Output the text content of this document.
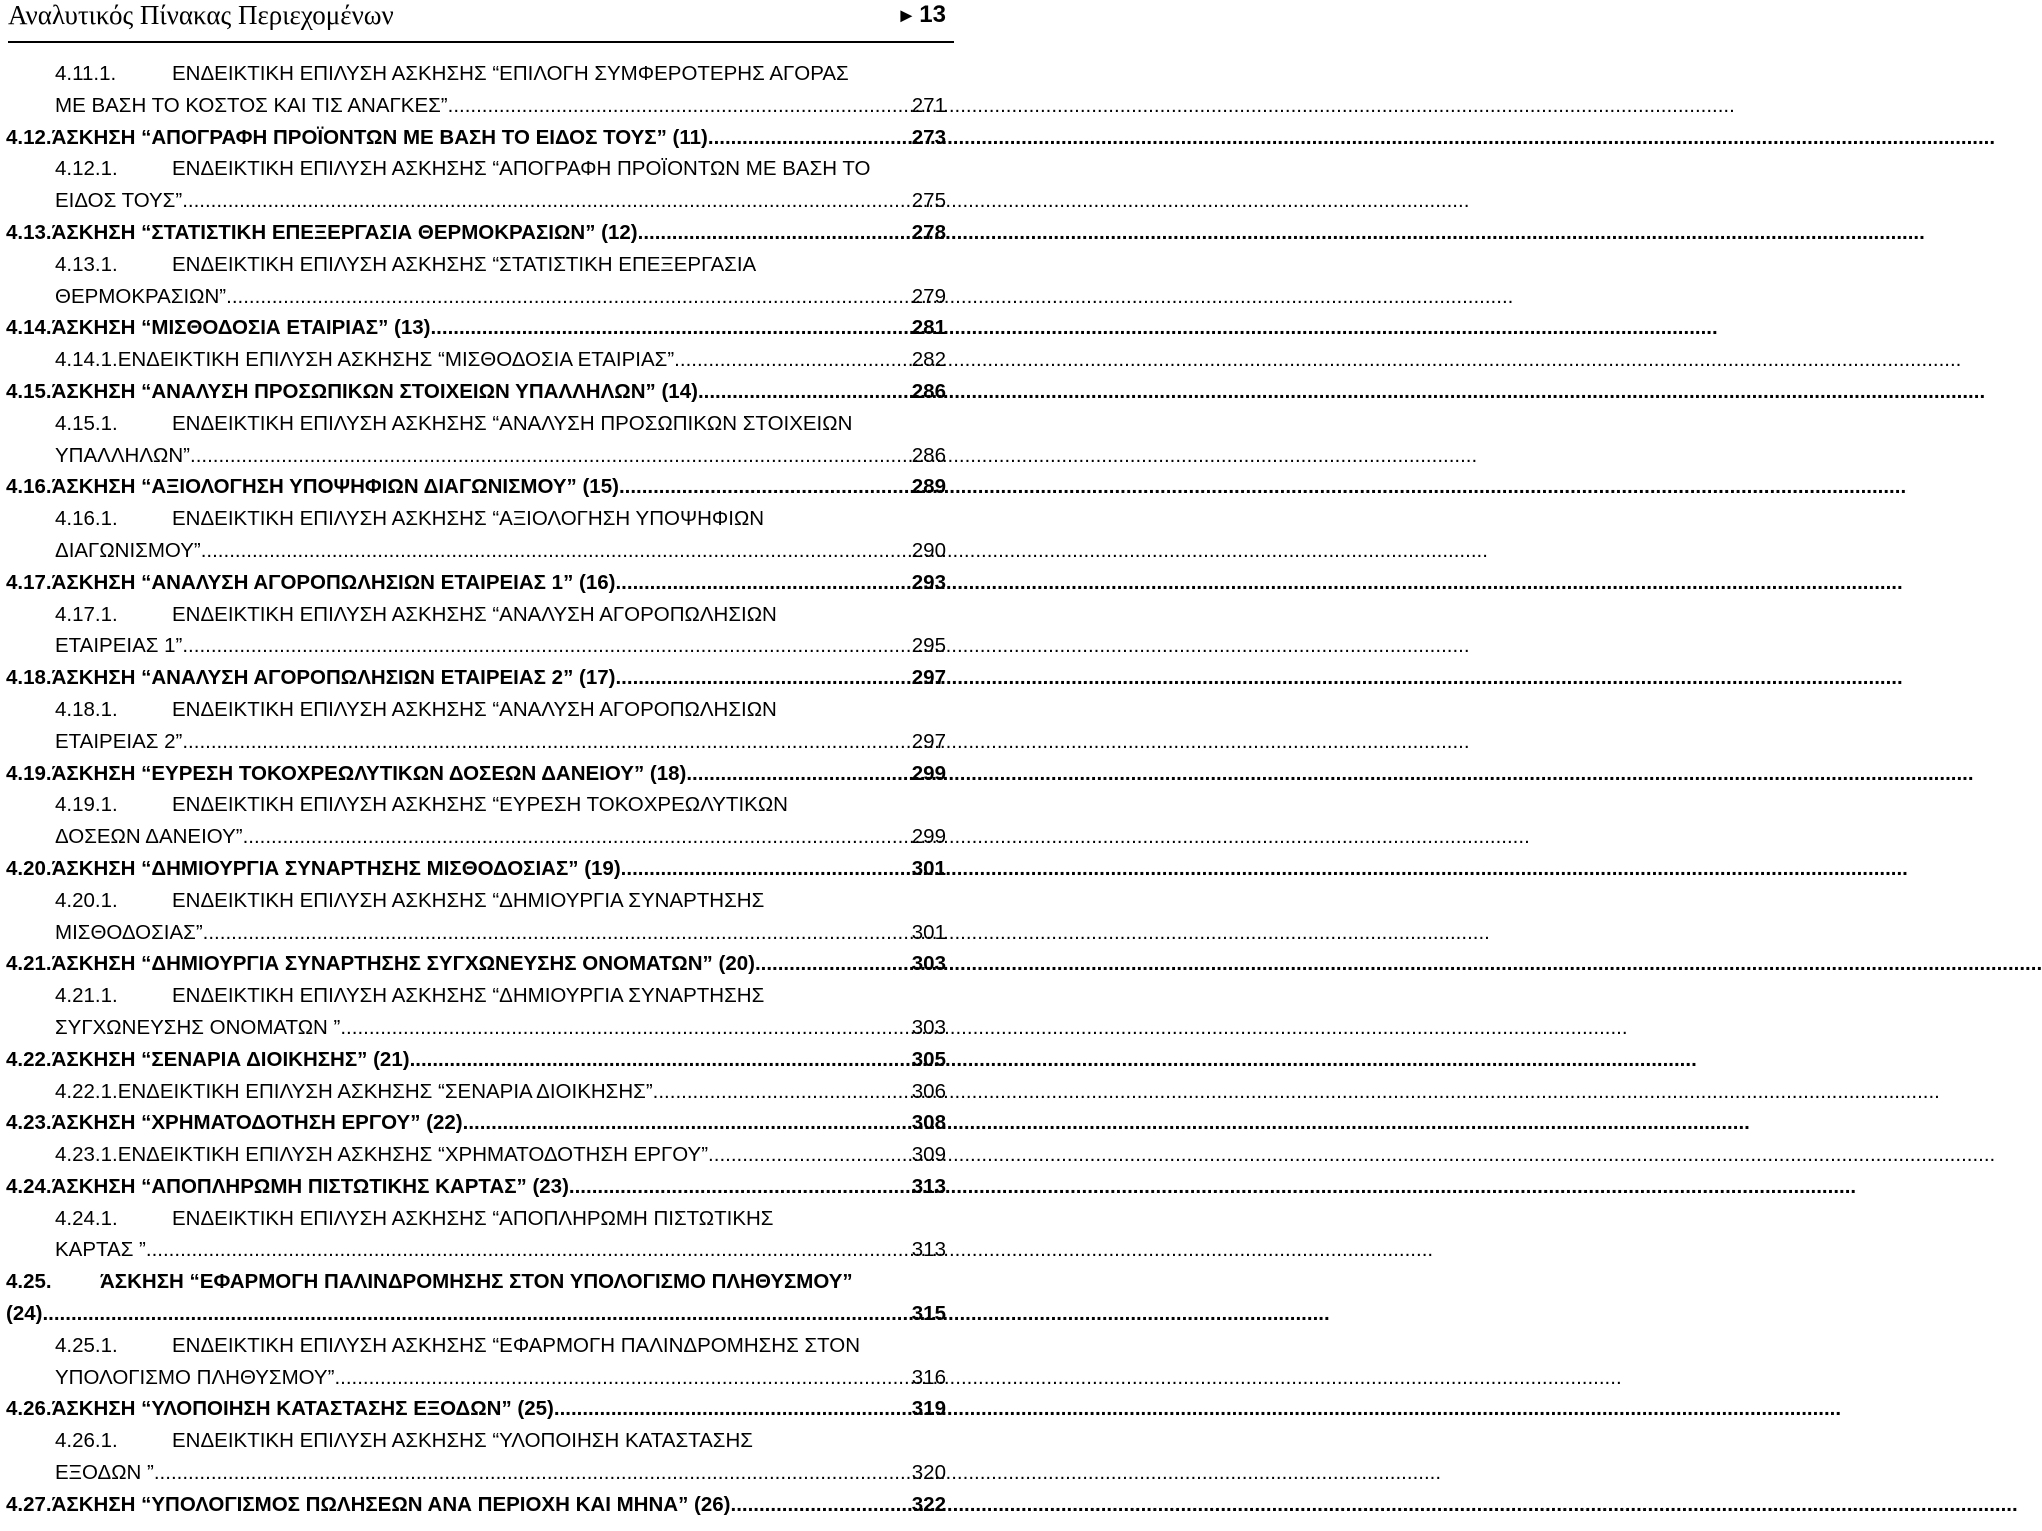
Αναλυτικός Πίνακας Περιεχομένων	► 13
4.11.1.	ΕΝΔΕΙΚΤΙΚΗ ΕΠΙΛΥΣΗ ΑΣΚΗΣΗΣ “ΕΠΙΛΟΓΗ ΣΥΜΦΕΡΟΤΕΡΗΣ ΑΓΟΡΑΣ
ΜΕ ΒΑΣΗ ΤΟ ΚΟΣΤΟΣ ΚΑΙ ΤΙΣ ΑΝΑΓΚΕΣ” .....	271
4.12. ΆΣΚΗΣΗ “ΑΠΟΓΡΑΦΗ ΠΡΟΪΟΝΤΩΝ ΜΕ ΒΑΣΗ ΤΟ ΕΙΔΟΣ ΤΟΥΣ” (11) .....	273
4.12.1.	ΕΝΔΕΙΚΤΙΚΗ ΕΠΙΛΥΣΗ ΑΣΚΗΣΗΣ “ΑΠΟΓΡΑΦΗ ΠΡΟΪΟΝΤΩΝ ΜΕ ΒΑΣΗ ΤΟ
ΕΙΔΟΣ ΤΟΥΣ” .....	275
4.13. ΆΣΚΗΣΗ “ΣΤΑΤΙΣΤΙΚΗ ΕΠΕΞΕΡΓΑΣΙΑ ΘΕΡΜΟΚΡΑΣΙΩΝ” (12) .....	278
4.13.1.	ΕΝΔΕΙΚΤΙΚΗ ΕΠΙΛΥΣΗ ΑΣΚΗΣΗΣ “ΣΤΑΤΙΣΤΙΚΗ ΕΠΕΞΕΡΓΑΣΙΑ
ΘΕΡΜΟΚΡΑΣΙΩΝ” .....	279
4.14. ΆΣΚΗΣΗ “ΜΙΣΘΟΔΟΣΙΑ ΕΤΑΙΡΙΑΣ” (13) .....	281
4.14.1. ΕΝΔΕΙΚΤΙΚΗ ΕΠΙΛΥΣΗ ΑΣΚΗΣΗΣ “ΜΙΣΘΟΔΟΣΙΑ ΕΤΑΙΡΙΑΣ” .....	282
4.15. ΆΣΚΗΣΗ “ΑΝΑΛΥΣΗ ΠΡΟΣΩΠΙΚΩΝ ΣΤΟΙΧΕΙΩΝ ΥΠΑΛΛΗΛΩΝ” (14) .....	286
4.15.1.	ΕΝΔΕΙΚΤΙΚΗ ΕΠΙΛΥΣΗ ΑΣΚΗΣΗΣ “ΑΝΑΛΥΣΗ ΠΡΟΣΩΠΙΚΩΝ ΣΤΟΙΧΕΙΩΝ
ΥΠΑΛΛΗΛΩΝ” .....	286
4.16. ΆΣΚΗΣΗ “ΑΞΙΟΛΟΓΗΣΗ ΥΠΟΨΗΦΙΩΝ ΔΙΑΓΩΝΙΣΜΟΥ” (15) .....	289
4.16.1.	ΕΝΔΕΙΚΤΙΚΗ ΕΠΙΛΥΣΗ ΑΣΚΗΣΗΣ “ΑΞΙΟΛΟΓΗΣΗ ΥΠΟΨΗΦΙΩΝ
ΔΙΑΓΩΝΙΣΜΟΥ” .....	290
4.17. ΆΣΚΗΣΗ “ΑΝΑΛΥΣΗ ΑΓΟΡΟΠΩΛΗΣΙΩΝ ΕΤΑΙΡΕΙΑΣ 1” (16) .....	293
4.17.1.	ΕΝΔΕΙΚΤΙΚΗ ΕΠΙΛΥΣΗ ΑΣΚΗΣΗΣ “ΑΝΑΛΥΣΗ ΑΓΟΡΟΠΩΛΗΣΙΩΝ
ΕΤΑΙΡΕΙΑΣ 1” .....	295
4.18. ΆΣΚΗΣΗ “ΑΝΑΛΥΣΗ ΑΓΟΡΟΠΩΛΗΣΙΩΝ ΕΤΑΙΡΕΙΑΣ 2” (17) .....	297
4.18.1.	ΕΝΔΕΙΚΤΙΚΗ ΕΠΙΛΥΣΗ ΑΣΚΗΣΗΣ “ΑΝΑΛΥΣΗ ΑΓΟΡΟΠΩΛΗΣΙΩΝ
ΕΤΑΙΡΕΙΑΣ 2” .....	297
4.19. ΆΣΚΗΣΗ “ΕΥΡΕΣΗ ΤΟΚΟΧΡΕΩΛΥΤΙΚΩΝ ΔΟΣΕΩΝ ΔΑΝΕΙΟΥ” (18) .....	299
4.19.1.	ΕΝΔΕΙΚΤΙΚΗ ΕΠΙΛΥΣΗ ΑΣΚΗΣΗΣ “ΕΥΡΕΣΗ ΤΟΚΟΧΡΕΩΛΥΤΙΚΩΝ
ΔΟΣΕΩΝ ΔΑΝΕΙΟΥ” .....	299
4.20. ΆΣΚΗΣΗ “ΔΗΜΙΟΥΡΓΙΑ ΣΥΝΑΡΤΗΣΗΣ ΜΙΣΘΟΔΟΣΙΑΣ” (19) .....	301
4.20.1.	ΕΝΔΕΙΚΤΙΚΗ ΕΠΙΛΥΣΗ ΑΣΚΗΣΗΣ “ΔΗΜΙΟΥΡΓΙΑ ΣΥΝΑΡΤΗΣΗΣ
ΜΙΣΘΟΔΟΣΙΑΣ” .....	301
4.21. ΆΣΚΗΣΗ “ΔΗΜΙΟΥΡΓΙΑ ΣΥΝΑΡΤΗΣΗΣ ΣΥΓΧΩΝΕΥΣΗΣ ΟΝΟΜΑΤΩΝ” (20) .....	303
4.21.1.	ΕΝΔΕΙΚΤΙΚΗ ΕΠΙΛΥΣΗ ΑΣΚΗΣΗΣ “ΔΗΜΙΟΥΡΓΙΑ ΣΥΝΑΡΤΗΣΗΣ
ΣΥΓΧΩΝΕΥΣΗΣ ΟΝΟΜΑΤΩΝ ” .....	303
4.22. ΆΣΚΗΣΗ “ΣΕΝΑΡΙΑ ΔΙΟΙΚΗΣΗΣ” (21) .....	305
4.22.1. ΕΝΔΕΙΚΤΙΚΗ ΕΠΙΛΥΣΗ ΑΣΚΗΣΗΣ “ΣΕΝΑΡΙΑ ΔΙΟΙΚΗΣΗΣ” .....	306
4.23. ΆΣΚΗΣΗ “ΧΡΗΜΑΤΟΔΟΤΗΣΗ ΕΡΓΟΥ” (22) .....	308
4.23.1. ΕΝΔΕΙΚΤΙΚΗ ΕΠΙΛΥΣΗ ΑΣΚΗΣΗΣ “ΧΡΗΜΑΤΟΔΟΤΗΣΗ ΕΡΓΟΥ” .....	309
4.24. ΆΣΚΗΣΗ “ΑΠΟΠΛΗΡΩΜΗ ΠΙΣΤΩΤΙΚΗΣ ΚΑΡΤΑΣ” (23) .....	313
4.24.1.	ΕΝΔΕΙΚΤΙΚΗ ΕΠΙΛΥΣΗ ΑΣΚΗΣΗΣ “ΑΠΟΠΛΗΡΩΜΗ ΠΙΣΤΩΤΙΚΗΣ
ΚΑΡΤΑΣ ” .....	313
4.25. ΆΣΚΗΣΗ “ΕΦΑΡΜΟΓΗ ΠΑΛΙΝΔΡΟΜΗΣΗΣ ΣΤΟΝ ΥΠΟΛΟΓΙΣΜΟ ΠΛΗΘΥΣΜΟΥ”
(24) .....	315
4.25.1.	ΕΝΔΕΙΚΤΙΚΗ ΕΠΙΛΥΣΗ ΑΣΚΗΣΗΣ “ΕΦΑΡΜΟΓΗ ΠΑΛΙΝΔΡΟΜΗΣΗΣ ΣΤΟΝ
ΥΠΟΛΟΓΙΣΜΟ ΠΛΗΘΥΣΜΟΥ” .....	316
4.26. ΆΣΚΗΣΗ “ΥΛΟΠΟΙΗΣΗ ΚΑΤΑΣΤΑΣΗΣ ΕΞΟΔΩΝ” (25) .....	319
4.26.1.	ΕΝΔΕΙΚΤΙΚΗ ΕΠΙΛΥΣΗ ΑΣΚΗΣΗΣ “ΥΛΟΠΟΙΗΣΗ ΚΑΤΑΣΤΑΣΗΣ
ΕΞΟΔΩΝ ” .....	320
4.27. ΆΣΚΗΣΗ “ΥΠΟΛΟΓΙΣΜΟΣ ΠΩΛΗΣΕΩΝ ΑΝΑ ΠΕΡΙΟΧΗ ΚΑΙ ΜΗΝΑ” (26) .....	322
